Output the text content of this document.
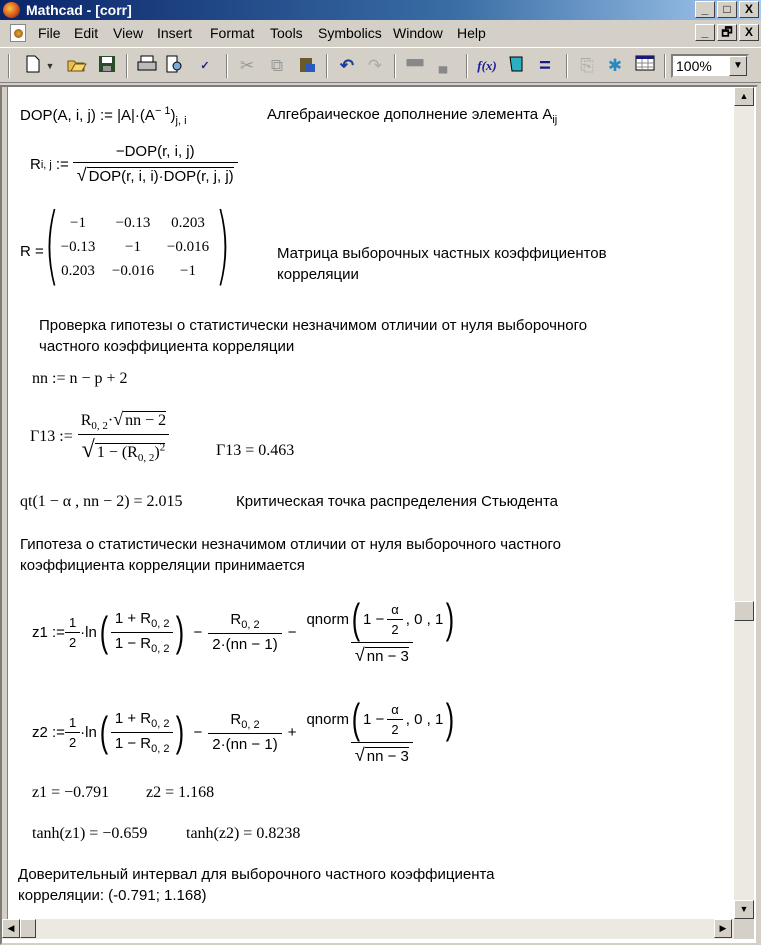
Mathcad - [corr]	_	□	X
File Edit View Insert Format Tools Symbolics Window Help	_	🗗	X
▼	✓	✂ ⧉	↶ ↷	▀▀	▄	f(x) =	⎘ ✱	100%	▼
DOP(A, i, j) := $|A|\cdot(A^{- 1})_{j, i}$	Алгебраическое дополнение элемента $A_{ij}$
R i, j := $\frac{\text{−DOP(r, i, j)}}{\text{√ DOP(r, i, i)·DOP(r, j, j)}}$
R = ( −1	−0.13	0.203
−0.13	−1	−0.016
0.203	−0.016	−1 )	Матрица выборочных частных коэффициентов
корреляции
Проверка гипотезы о статистически незначимом отличии от нуля выборочного
частного коэффициента корреляции
nn := n − p + 2
Γ13 := $\frac{R_{0, 2}\cdot√ nn - 2}{√ 1 - (R_{0, 2})^2}$	Γ13 = 0.463
qt(1 − α , nn − 2) = 2.015	Критическая точка распределения Стьюдента
Гипотеза о статистически незначимом отличии от нуля выборочного частного
коэффициента корреляции принимается
z1 := $\frac{1}{2} \cdot\ln$ ( $\frac{1 + R_{0, 2}}{1 - R_{0, 2}}$ ) − $\frac{R_{0, 2}}{2\cdot(nn - 1)} - \frac{qnorm ( 1 - \frac{\alpha}{2} , 0 , 1 )}{√ nn - 3}$
z2 := $\frac{1}{2} \cdot\ln$ ( $\frac{1 + R_{0, 2}}{1 - R_{0, 2}}$ ) − $\frac{R_{0, 2}}{2\cdot(nn - 1)} + \frac{qnorm ( 1 - \frac{\alpha}{2} , 0 , 1 )}{√ nn - 3}$
z1 = −0.791 z2 = 1.168
tanh(z1) = −0.659 tanh(z2) = 0.8238
Доверительный интервал для выборочного частного коэффициента
корреляции: (-0.791; 1.168)
▲
▼
◀	▶
